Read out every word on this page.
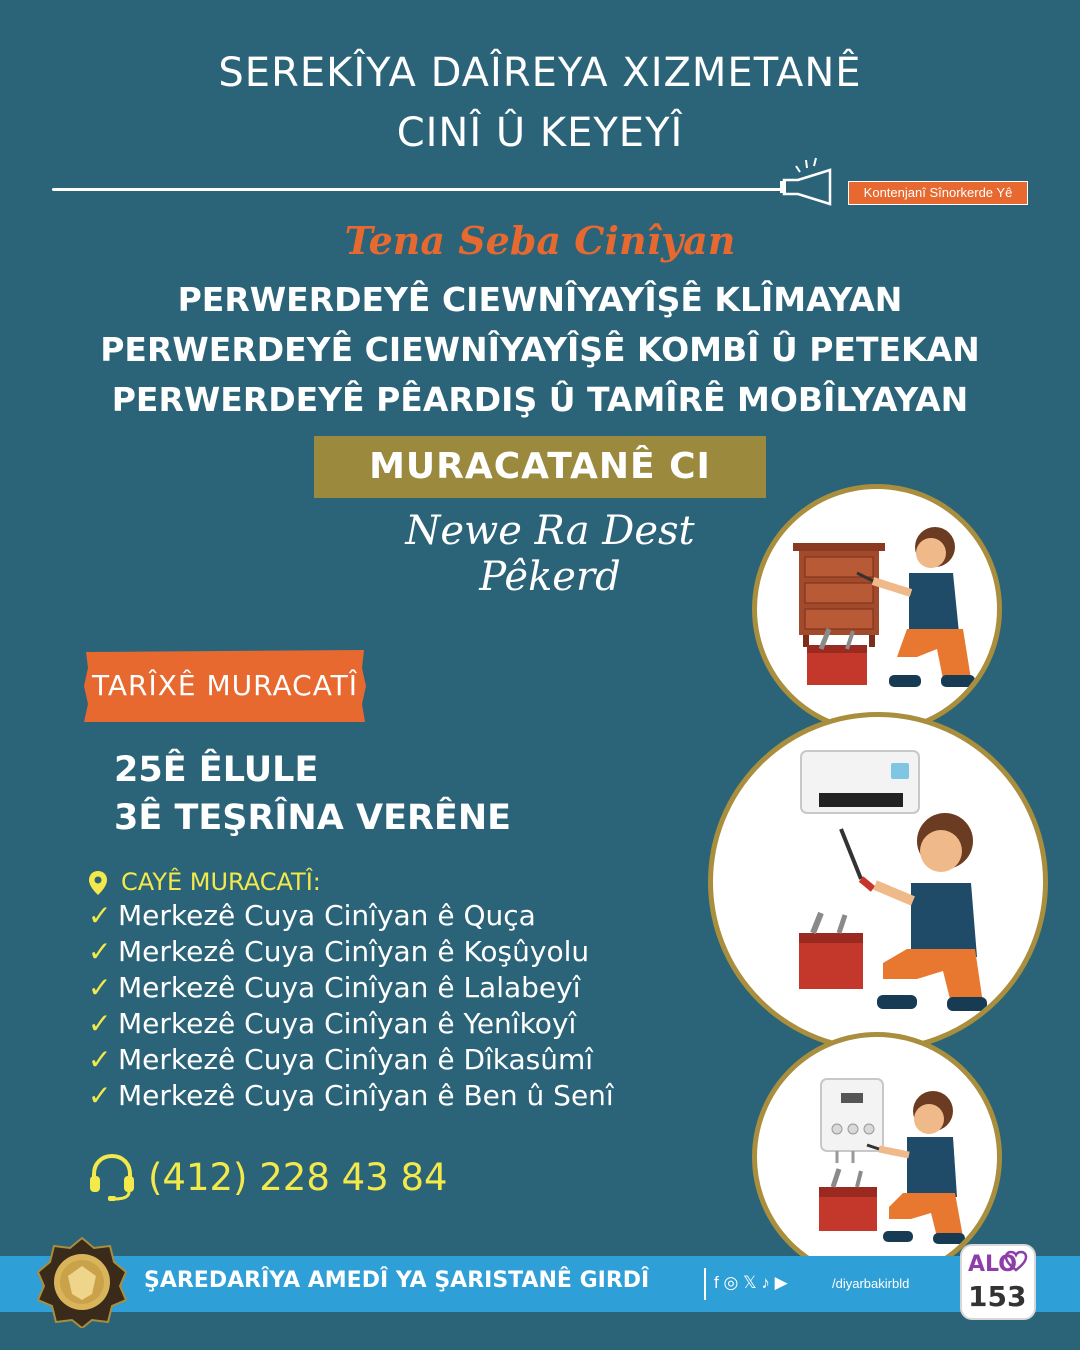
SEREKÎYA DAÎREYA XIZMETANÊ
CINÎ Û KEYEYÎ
Kontenjanî Sînorkerde Yê
Tena Seba Cinîyan
PERWERDEYÊ CIEWNÎYAYÎŞÊ KLÎMAYAN
PERWERDEYÊ CIEWNÎYAYÎŞÊ KOMBÎ Û PETEKAN
PERWERDEYÊ PÊARDIŞ Û TAMÎRÊ MOBÎLYAYAN
MURACATANÊ CI
Newe Ra Dest Pêkerd
TARÎXÊ MURACATÎ
25Ê ÊLULE
3Ê TEŞRÎNA VERÊNE
CAYÊ MURACATÎ:
✓ Merkezê Cuya Cinîyan ê Quça
✓ Merkezê Cuya Cinîyan ê Koşûyolu
✓ Merkezê Cuya Cinîyan ê Lalabeyî
✓ Merkezê Cuya Cinîyan ê Yenîkoyî
✓ Merkezê Cuya Cinîyan ê Dîkasûmî
✓ Merkezê Cuya Cinîyan ê Ben û Senî
(412) 228 43 84
ŞAREDARÎYA AMEDÎ YA ŞARISTANÊ GIRDÎ	f ◎ 𝕏 ♪ ▶	/diyarbakirbld
ALO
153
